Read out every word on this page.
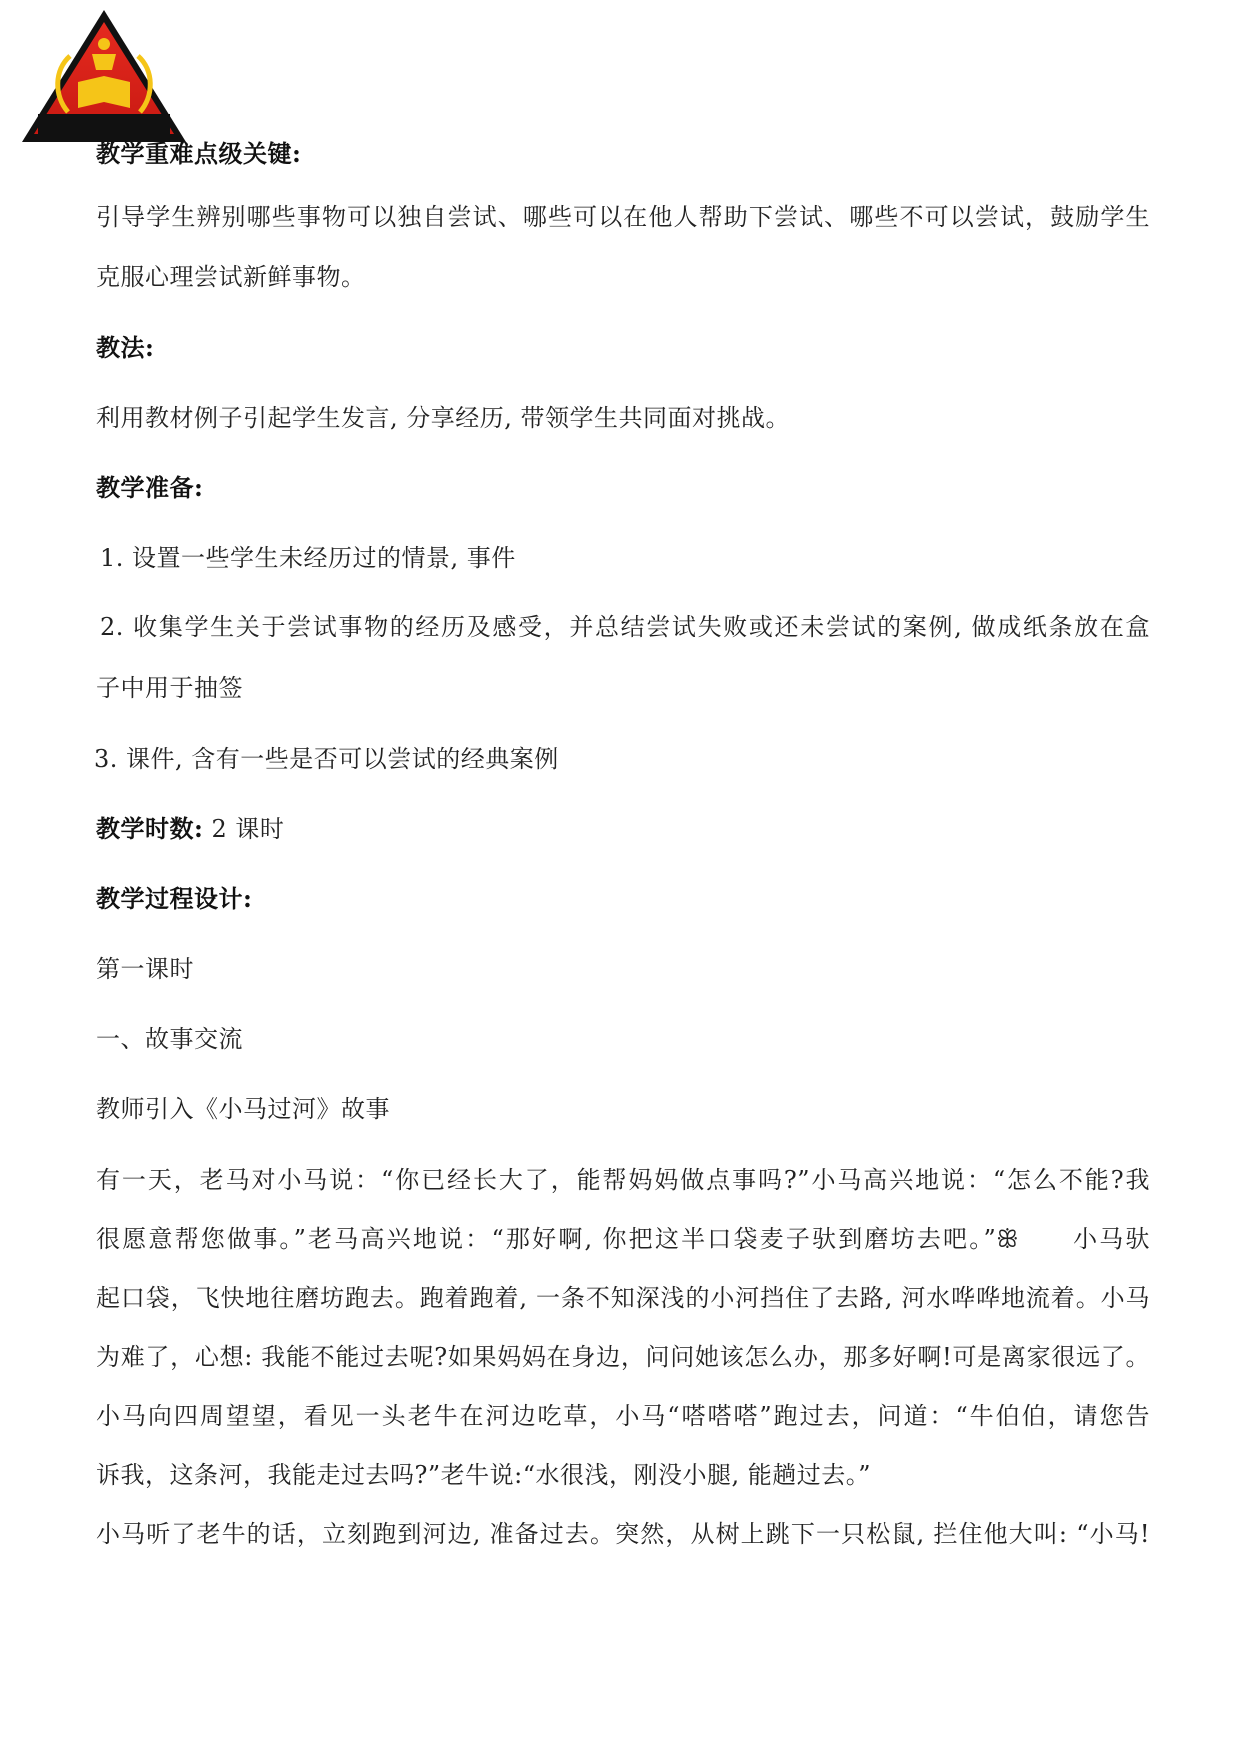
教学重难点级关键:
引导学生辨别哪些事物可以独自尝试、哪些可以在他人帮助下尝试、哪些不可以尝试，鼓励学生
克服心理尝试新鲜事物。
教法:
利用教材例子引起学生发言, 分享经历, 带领学生共同面对挑战。
教学准备:
1. 设置一些学生未经历过的情景, 事件
2. 收集学生关于尝试事物的经历及感受，并总结尝试失败或还未尝试的案例, 做成纸条放在盒
子中用于抽签
3. 课件, 含有一些是否可以尝试的经典案例
教学时数: 2 课时
教学过程设计:
第一课时
一、故事交流
教师引入《小马过河》故事
有一天，老马对小马说：“你已经长大了，能帮妈妈做点事吗?”小马高兴地说：“怎么不能?我
很愿意帮您做事。”老马高兴地说：“那好啊, 你把这半口袋麦子驮到磨坊去吧。”ꕥ　　小马驮
起口袋，飞快地往磨坊跑去。跑着跑着, 一条不知深浅的小河挡住了去路, 河水哗哗地流着。小马
为难了，心想: 我能不能过去呢?如果妈妈在身边，问问她该怎么办，那多好啊!可是离家很远了。
小马向四周望望，看见一头老牛在河边吃草，小马“嗒嗒嗒”跑过去，问道：“牛伯伯，请您告
诉我，这条河，我能走过去吗?”老牛说:“水很浅，刚没小腿, 能趟过去。”
小马听了老牛的话，立刻跑到河边, 准备过去。突然，从树上跳下一只松鼠, 拦住他大叫: “小马!
